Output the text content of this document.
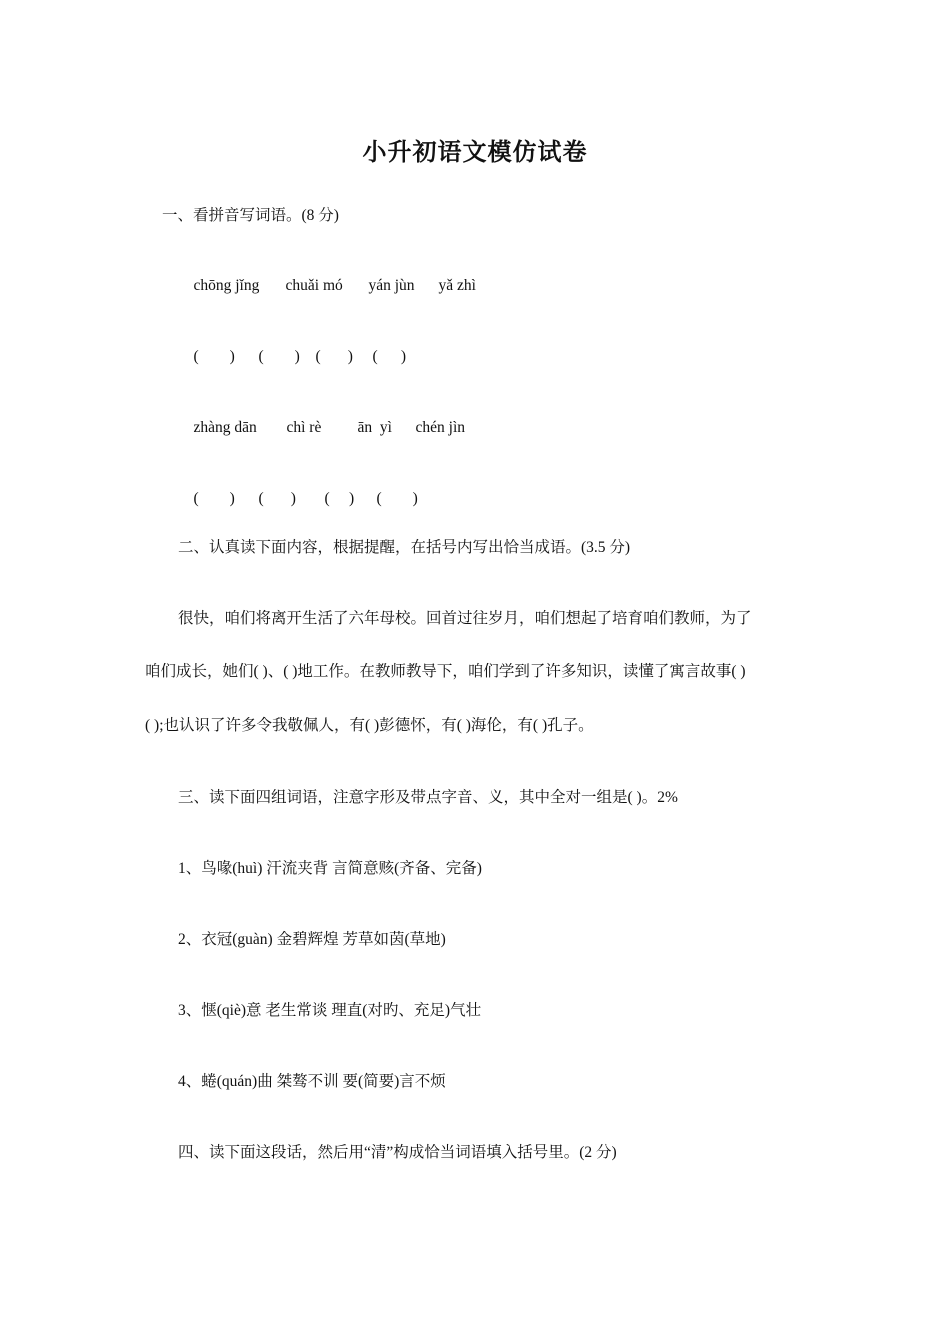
小升初语文模仿试卷
一、看拼音写词语。(8 分)

chōng jǐng chuǎi mó yán jùn yǎ zhì

(        ) (        ) (       ) (      )

zhàng dān chì rè ān  yì chén jìn

(        ) (       ) (     ) (        )

二、认真读下面内容，根据提醒，在括号内写出恰当成语。(3.5 分)
很快，咱们将离开生活了六年母校。回首过往岁月，咱们想起了培育咱们教师，为了
咱们成长，她们( )、( )地工作。在教师教导下，咱们学到了许多知识，读懂了寓言故事( )
( );也认识了许多令我敬佩人，有( )彭德怀，有( )海伦，有( )孔子。
三、读下面四组词语，注意字形及带点字音、义，其中全对一组是( )。2%
1、鸟喙(huì) 汗流夹背 言简意赅(齐备、完备)
2、衣冠(guàn) 金碧辉煌 芳草如茵(草地)
3、惬(qiè)意 老生常谈 理直(对旳、充足)气壮
4、蜷(quán)曲 桀骜不训 要(简要)言不烦
四、读下面这段话，然后用“清”构成恰当词语填入括号里。(2 分)
